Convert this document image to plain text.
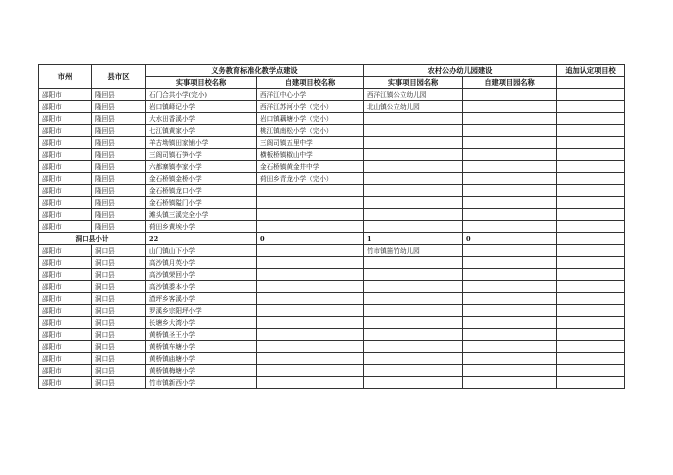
市州	县市区	义务教育标准化教学点建设		农村公办幼儿园建设		追加认定项目校
		实事项目校名称	自建项目校名称	实事项目园名称	自建项目园名称	
邵阳市	隆回县	石门合共小学(完小)	西洋江中心小学	西洋江镇公立幼儿园		
邵阳市	隆回县	岩口镇峄记小学	西洋江苏河小学（完小）	北山镇公立幼儿园		
邵阳市	隆回县	大水田香溪小学	岩口镇藕塘小学（完小）			
邵阳市	隆回县	七江镇黄家小学	桃江镇南松小学（完小）			
邵阳市	隆回县	羊古坳镇田家铺小学	三阁司镇五里中学			
邵阳市	隆回县	三阁司镇石笋小学	横板桥镇椒山中学			
邵阳市	隆回县	六都寨镇李家小学	金石桥镇黄金井中学			
邵阳市	隆回县	金石桥镇金桥小学	荷田乡青龙小学（完小）			
邵阳市	隆回县	金石桥镇龙口小学				
邵阳市	隆回县	金石桥镇隘门小学				
邵阳市	隆回县	滩头镇三溪完全小学				
邵阳市	隆回县	荷田乡黄埃小学				
洞口县小计		22	0	1	0	
邵阳市	洞口县	山门镇山下小学		竹市镇笛竹幼儿园		
邵阳市	洞口县	高沙镇月英小学				
邵阳市	洞口县	高沙镇荣回小学				
邵阳市	洞口县	高沙镇黍本小学				
邵阳市	洞口县	渣坪乡客溪小学				
邵阳市	洞口县	罗溪乡宗阳坪小学				
邵阳市	洞口县	长塘乡大湾小学				
邵阳市	洞口县	黄桥镇圣王小学				
邵阳市	洞口县	黄桥镇车塘小学				
邵阳市	洞口县	黄桥镇庙塘小学				
邵阳市	洞口县	黄桥镇梅塘小学				
邵阳市	洞口县	竹市镇新西小学				
